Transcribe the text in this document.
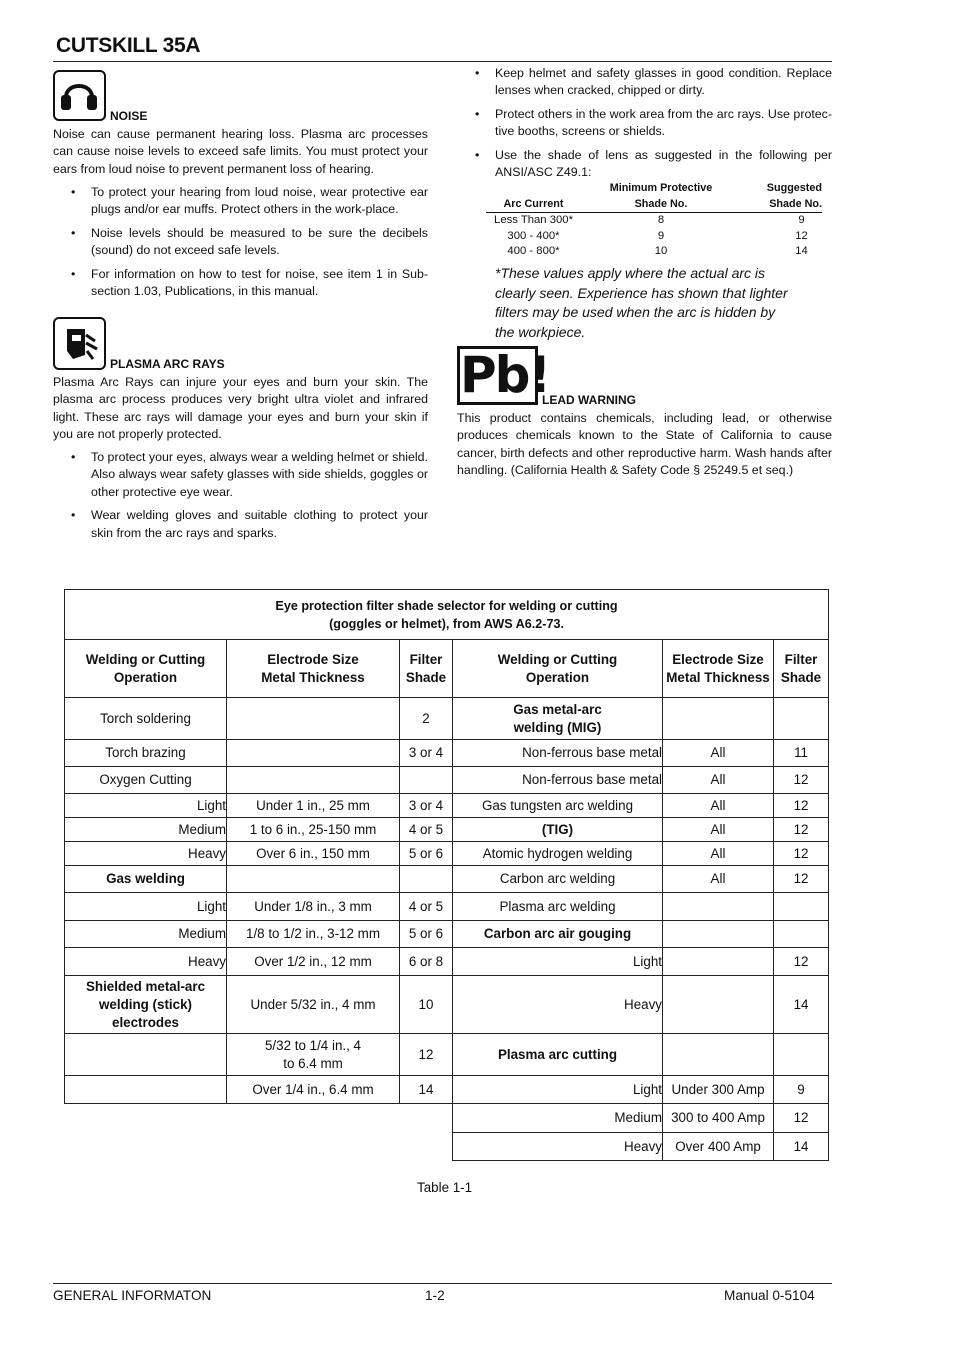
CUTSKILL 35A
NOISE
Noise can cause permanent hearing loss. Plasma arc processes can cause noise levels to exceed safe limits. You must protect your ears from loud noise to prevent permanent loss of hearing.
• To protect your hearing from loud noise, wear protective ear plugs and/or ear muffs. Protect others in the work-place.
• Noise levels should be measured to be sure the decibels (sound) do not exceed safe levels.
• For information on how to test for noise, see item 1 in Sub-section 1.03, Publications, in this manual.
PLASMA ARC RAYS
Plasma Arc Rays can injure your eyes and burn your skin. The plasma arc process produces very bright ultra violet and infrared light. These arc rays will damage your eyes and burn your skin if you are not properly protected.
• To protect your eyes, always wear a welding helmet or shield. Also always wear safety glasses with side shields, goggles or other protective eye wear.
• Wear welding gloves and suitable clothing to protect your skin from the arc rays and sparks.
• Keep helmet and safety glasses in good condition. Replace lenses when cracked, chipped or dirty.
• Protect others in the work area from the arc rays. Use protec-tive booths, screens or shields.
• Use the shade of lens as suggested in the following per ANSI/ASC Z49.1:
	Minimum Protective	Suggested
Arc Current	Shade No.	Shade No.
Less Than 300*	8	9
300 - 400*	9	12
400 - 800*	10	14
*These values apply where the actual arc is clearly seen. Experience has shown that lighter filters may be used when the arc is hidden by the workpiece.
Pb!
LEAD WARNING
This product contains chemicals, including lead, or otherwise produces chemicals known to the State of California to cause cancer, birth defects and other reproductive harm. Wash hands after handling. (California Health & Safety Code § 25249.5 et seq.)
Eye protection filter shade selector for welding or cutting
(goggles or helmet), from AWS A6.2-73.					

Welding or Cutting Operation	Electrode Size Metal Thickness	Filter Shade	Welding or Cutting Operation	Electrode Size Metal Thickness	Filter Shade
Torch soldering		2	Gas metal-arc welding (MIG)		
Torch brazing		3 or 4	Non-ferrous base metal	All	11
Oxygen Cutting			Non-ferrous base metal	All	12
Light	Under 1 in., 25 mm	3 or 4	Gas tungsten arc welding	All	12
Medium	1 to 6 in., 25-150 mm	4 or 5	(TIG)	All	12
Heavy	Over 6 in., 150 mm	5 or 6	Atomic hydrogen welding	All	12
Gas welding			Carbon arc welding	All	12
Light	Under 1/8 in., 3 mm	4 or 5	Plasma arc welding		
Medium	1/8 to 1/2 in., 3-12 mm	5 or 6	Carbon arc air gouging		
Heavy	Over 1/2 in., 12 mm	6 or 8	Light		12
Shielded metal-arc welding (stick) electrodes	Under 5/32 in., 4 mm	10	Heavy		14
	5/32 to 1/4 in., 4 to 6.4 mm	12	Plasma arc cutting		
	Over 1/4 in., 6.4 mm	14	Light	Under 300 Amp	9
			Medium	300 to 400 Amp	12
			Heavy	Over 400 Amp	14
Table 1-1
GENERAL INFORMATON	1-2	Manual 0-5104
